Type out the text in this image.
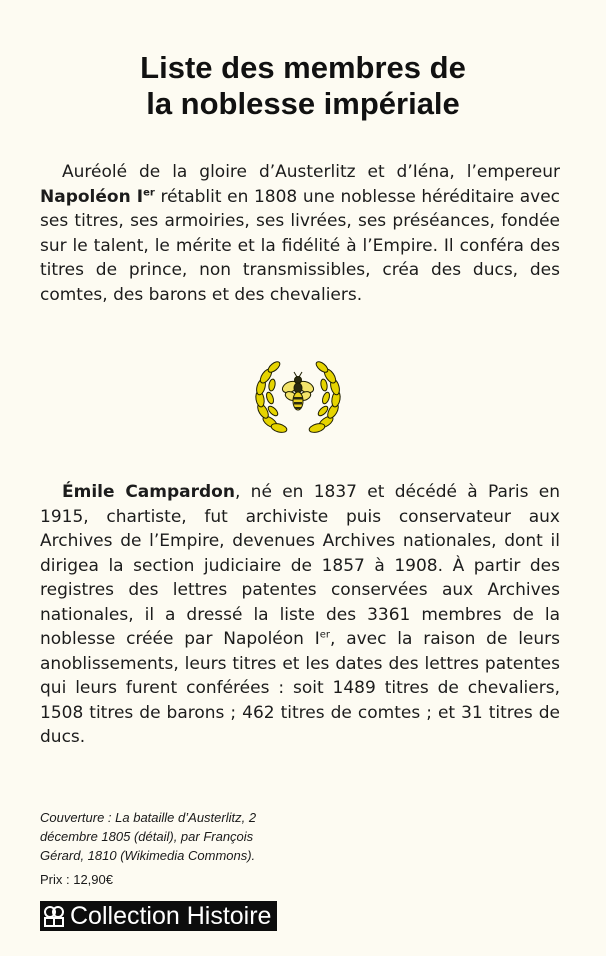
Liste des membres de
la noblesse impériale

Auréolé de la gloire d’Austerlitz et d’Iéna, l’empereur Napoléon Ier rétablit en 1808 une noblesse héréditaire avec ses titres, ses armoiries, ses livrées, ses préséances, fondée sur le talent, le mérite et la fidélité à l’Empire. Il conféra des titres de prince, non transmissibles, créa des ducs, des comtes, des barons et des chevaliers.

Émile Campardon, né en 1837 et décédé à Paris en 1915, chartiste, fut archiviste puis conservateur aux Archives de l’Empire, devenues Archives nationales, dont il dirigea la section judiciaire de 1857 à 1908. À partir des registres des lettres patentes conservées aux Archives nationales, il a dressé la liste des 3361 membres de la noblesse créée par Napoléon Ier, avec la raison de leurs anoblissements, leurs titres et les dates des lettres patentes qui leurs furent conférées : soit 1489 titres de chevaliers, 1508 titres de barons ; 462 titres de comtes ; et 31 titres de ducs.

Couverture : La bataille d’Austerlitz, 2
décembre 1805 (détail), par François
Gérard, 1810 (Wikimedia Commons).
Prix : 12,90€
Collection Histoire
